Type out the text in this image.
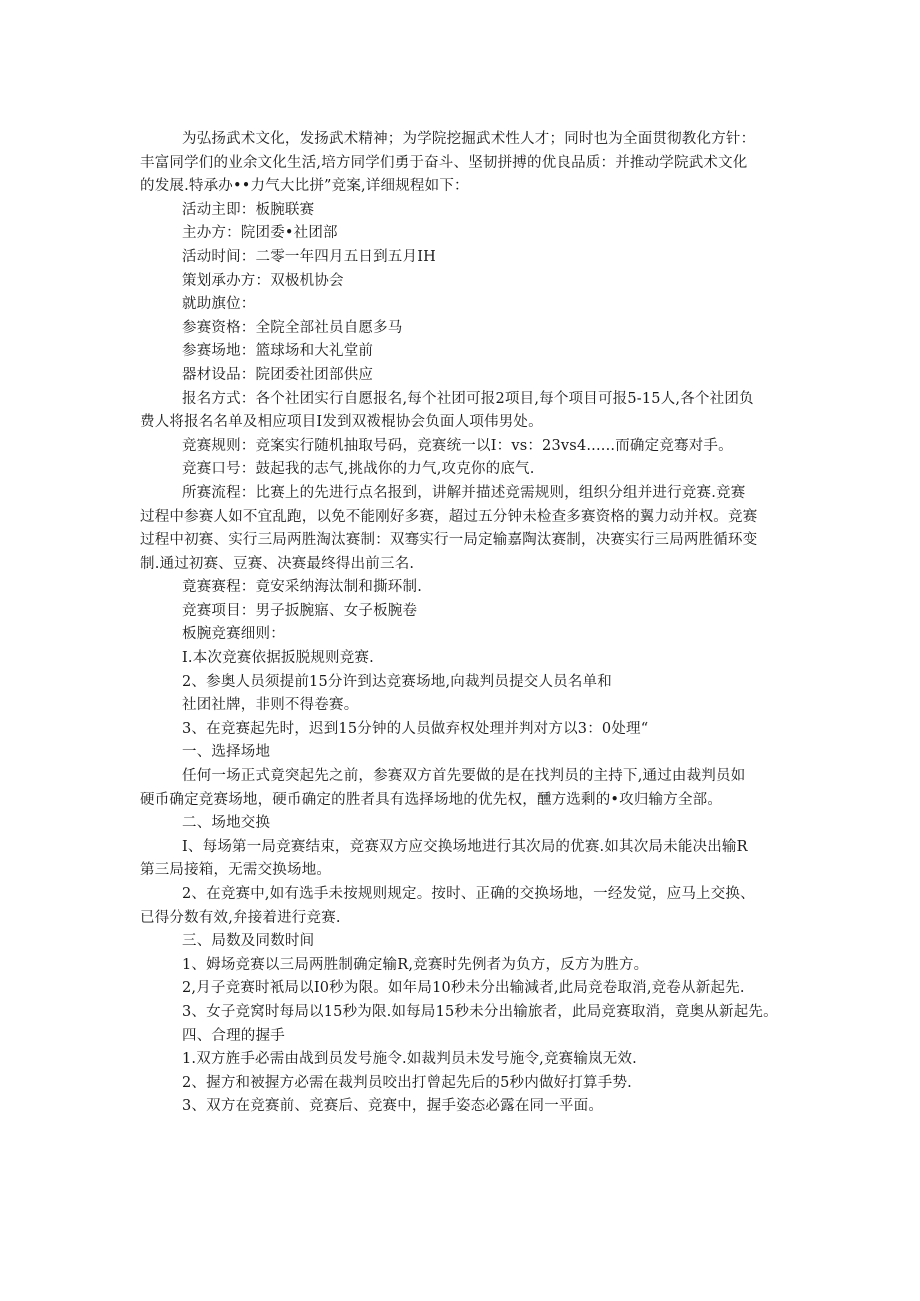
为弘扬武术文化，发扬武术精神；为学院挖掘武术性人才；同时也为全面贯彻教化方针：
丰富同学们的业余文化生活,培方同学们勇于奋斗、坚韧拼搏的优良品质：并推动学院武术文化
的发展.特承办••力气大比拼”竞案,详细规程如下：
活动主即：板腕联赛
主办方：院团委•社团部
活动时间：二零一年四月五日到五月IH
策划承办方：双极机协会
就助旗位：
参赛资格：全院全部社员自愿多马
参赛场地：篮球场和大礼堂前
器材设品：院团委社团部供应
报名方式：各个社团实行自愿报名,每个社团可报2项目,每个项目可报5-15人,各个社团负
费人将报名名单及相应项目I发到双袯棍协会负面人项伟男处。
竞赛规则：竞案实行随机抽取号码，竞赛统一以I：vs：23vs4......而确定竞骞对手。
竞赛口号：鼓起我的志气,挑战你的力气,攻克你的底气.
所赛流程：比赛上的先进行点名报到，讲解并描述竞需规则，组织分组并进行竞赛.竞赛
过程中参赛人如不宜乱跑，以免不能刚好多赛，超过五分钟未检查多赛资格的翼力动并权。竞赛
过程中初赛、实行三局两胜淘汰赛制：双骞实行一局定输嘉陶汰赛制，决赛实行三局两胜循环变
制.通过初赛、豆赛、决赛最终得出前三名.
竟赛赛程：竟安采纳海汰制和撕环制.
竞赛项目：男子扳腕寤、女子板腕卷
板腕竞赛细则：
I.本次竞赛依据扳脱规则竞赛.
2、参奥人员须提前15分许到达竞赛场地,向裁判员提交人员名单和
社团社牌，非则不得卷赛。
3、在竞赛起先时，迟到15分钟的人员做弃权处理并判对方以3：0处理“
一、选择场地
任何一场正式竟突起先之前，参赛双方首先要做的是在找判员的主持下,通过由裁判员如
硬币确定竞赛场地，硬币确定的胜者具有选择场地的优先权，醺方选剩的•攻归输方全部。
二、场地交换
I、每场第一局竞赛结束，竞赛双方应交换场地进行其次局的优赛.如其次局未能决出输R
第三局接箱，无需交换场地。
2、在竞赛中,如有选手未按规则规定。按时、正确的交换场地，一经发觉，应马上交换、
已得分数有效,弁接着进行竞赛.
三、局数及同数时间
1、姆场竞赛以三局两胜制确定输R,竞赛时先例者为负方，反方为胜方。
2,月子竞赛时衹局以I0秒为限。如年局10秒未分出输減者,此局竞卷取消,竞卷从新起先.
3、女子竞窝时每局以15秒为限.如每局15秒未分出输旅者，此局竞赛取消，竟奥从新起先。
四、合理的握手
1.双方旌手必需由战到员发号施令.如裁判员未发号施令,竞赛输岚无效.
2、握方和被握方必需在裁判员咬出打曾起先后的5秒内做好打算手势.
3、双方在竞赛前、竞赛后、竞赛中，握手姿态必露在同一平面。
